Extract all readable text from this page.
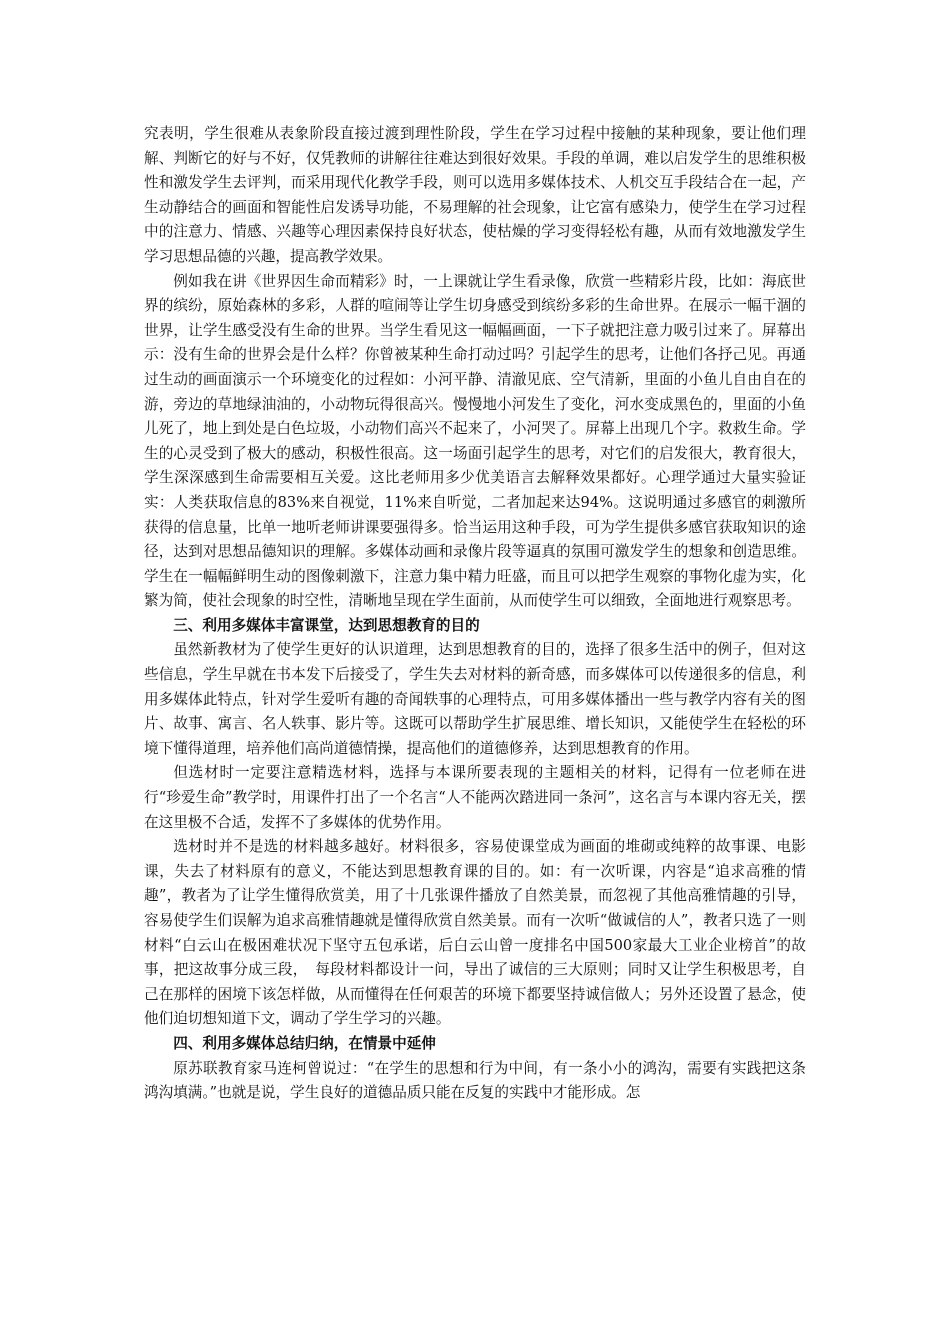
究表明，学生很难从表象阶段直接过渡到理性阶段，学生在学习过程中接触的某种现象，要让他们理解、判断它的好与不好，仅凭教师的讲解往往难达到很好效果。手段的单调，难以启发学生的思维积极性和激发学生去评判，而采用现代化教学手段，则可以选用多媒体技术、人机交互手段结合在一起，产生动静结合的画面和智能性启发诱导功能，不易理解的社会现象，让它富有感染力，使学生在学习过程中的注意力、情感、兴趣等心理因素保持良好状态，使枯燥的学习变得轻松有趣，从而有效地激发学生学习思想品德的兴趣，提高教学效果。

例如我在讲《世界因生命而精彩》时，一上课就让学生看录像，欣赏一些精彩片段，比如：海底世界的缤纷，原始森林的多彩，人群的喧闹等让学生切身感受到缤纷多彩的生命世界。在展示一幅干涸的世界，让学生感受没有生命的世界。当学生看见这一幅幅画面，一下子就把注意力吸引过来了。屏幕出示：没有生命的世界会是什么样？你曾被某种生命打动过吗？引起学生的思考，让他们各抒己见。再通过生动的画面演示一个环境变化的过程如：小河平静、清澈见底、空气清新，里面的小鱼儿自由自在的游，旁边的草地绿油油的，小动物玩得很高兴。慢慢地小河发生了变化，河水变成黑色的，里面的小鱼儿死了，地上到处是白色垃圾，小动物们高兴不起来了，小河哭了。屏幕上出现几个字。救救生命。学生的心灵受到了极大的感动，积极性很高。这一场面引起学生的思考，对它们的启发很大，教育很大，学生深深感到生命需要相互关爱。这比老师用多少优美语言去解释效果都好。心理学通过大量实验证实：人类获取信息的83%来自视觉，11%来自听觉，二者加起来达94%。这说明通过多感官的刺激所获得的信息量，比单一地听老师讲课要强得多。恰当运用这种手段，可为学生提供多感官获取知识的途径，达到对思想品德知识的理解。多媒体动画和录像片段等逼真的氛围可激发学生的想象和创造思维。学生在一幅幅鲜明生动的图像刺激下，注意力集中精力旺盛，而且可以把学生观察的事物化虚为实，化繁为简，使社会现象的时空性，清晰地呈现在学生面前，从而使学生可以细致，全面地进行观察思考。

三、利用多媒体丰富课堂，达到思想教育的目的

虽然新教材为了使学生更好的认识道理，达到思想教育的目的，选择了很多生活中的例子，但对这些信息，学生早就在书本发下后接受了，学生失去对材料的新奇感，而多媒体可以传递很多的信息，利用多媒体此特点，针对学生爱听有趣的奇闻轶事的心理特点，可用多媒体播出一些与教学内容有关的图片、故事、寓言、名人轶事、影片等。这既可以帮助学生扩展思维、增长知识，又能使学生在轻松的环境下懂得道理，培养他们高尚道德情操，提高他们的道德修养，达到思想教育的作用。

但选材时一定要注意精选材料，选择与本课所要表现的主题相关的材料，记得有一位老师在进行“珍爱生命”教学时，用课件打出了一个名言“人不能两次踏进同一条河”，这名言与本课内容无关，摆在这里极不合适，发挥不了多媒体的优势作用。

选材时并不是选的材料越多越好。材料很多，容易使课堂成为画面的堆砌或纯粹的故事课、电影课，失去了材料原有的意义，不能达到思想教育课的目的。如：有一次听课，内容是“追求高雅的情趣”，教者为了让学生懂得欣赏美，用了十几张课件播放了自然美景，而忽视了其他高雅情趣的引导，容易使学生们误解为追求高雅情趣就是懂得欣赏自然美景。而有一次听“做诚信的人”，教者只选了一则材料“白云山在极困难状况下坚守五包承诺，后白云山曾一度排名中国500家最大工业企业榜首”的故事，把这故事分成三段，　每段材料都设计一问，导出了诚信的三大原则；同时又让学生积极思考，自己在那样的困境下该怎样做，从而懂得在任何艰苦的环境下都要坚持诚信做人；另外还设置了悬念，使他们迫切想知道下文，调动了学生学习的兴趣。

四、利用多媒体总结归纳，在情景中延伸

原苏联教育家马连柯曾说过：“在学生的思想和行为中间，有一条小小的鸿沟，需要有实践把这条鸿沟填满。”也就是说，学生良好的道德品质只能在反复的实践中才能形成。怎
